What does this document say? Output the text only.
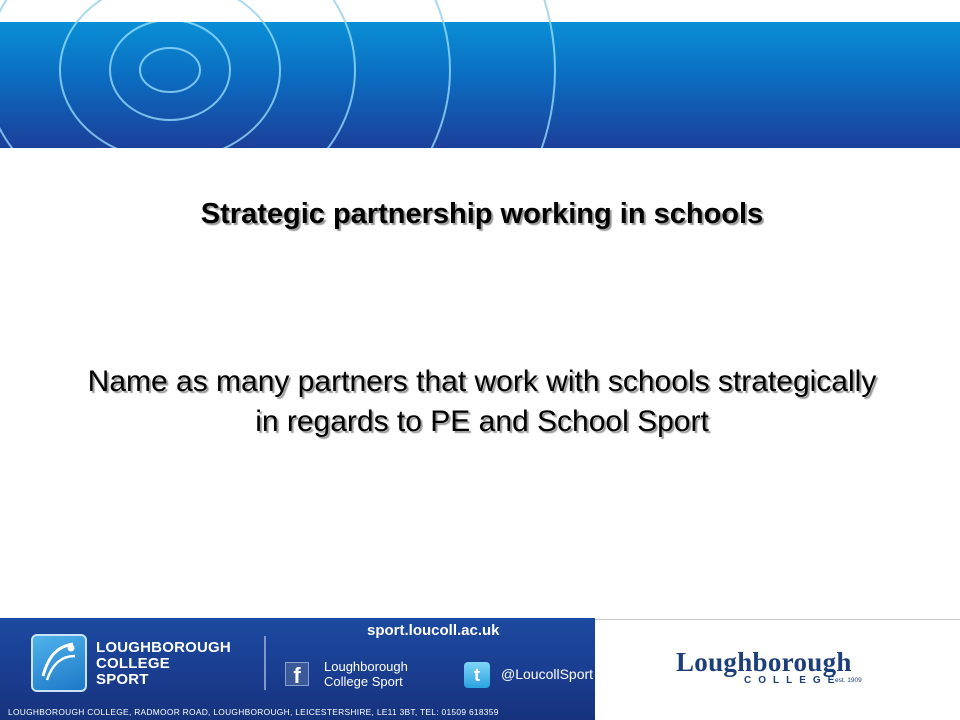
Strategic partnership working in schools
Name as many partners that work with schools strategically in regards to PE and School Sport
sport.loucoll.ac.uk
LOUGHBOROUGH
COLLEGE
SPORT	f	Loughborough
College Sport	t	@LoucollSport
LOUGHBOROUGH COLLEGE, RADMOOR ROAD, LOUGHBOROUGH, LEICESTERSHIRE, LE11 3BT, TEL: 01509 618359
Loughborough
COLLEGE
est. 1909
